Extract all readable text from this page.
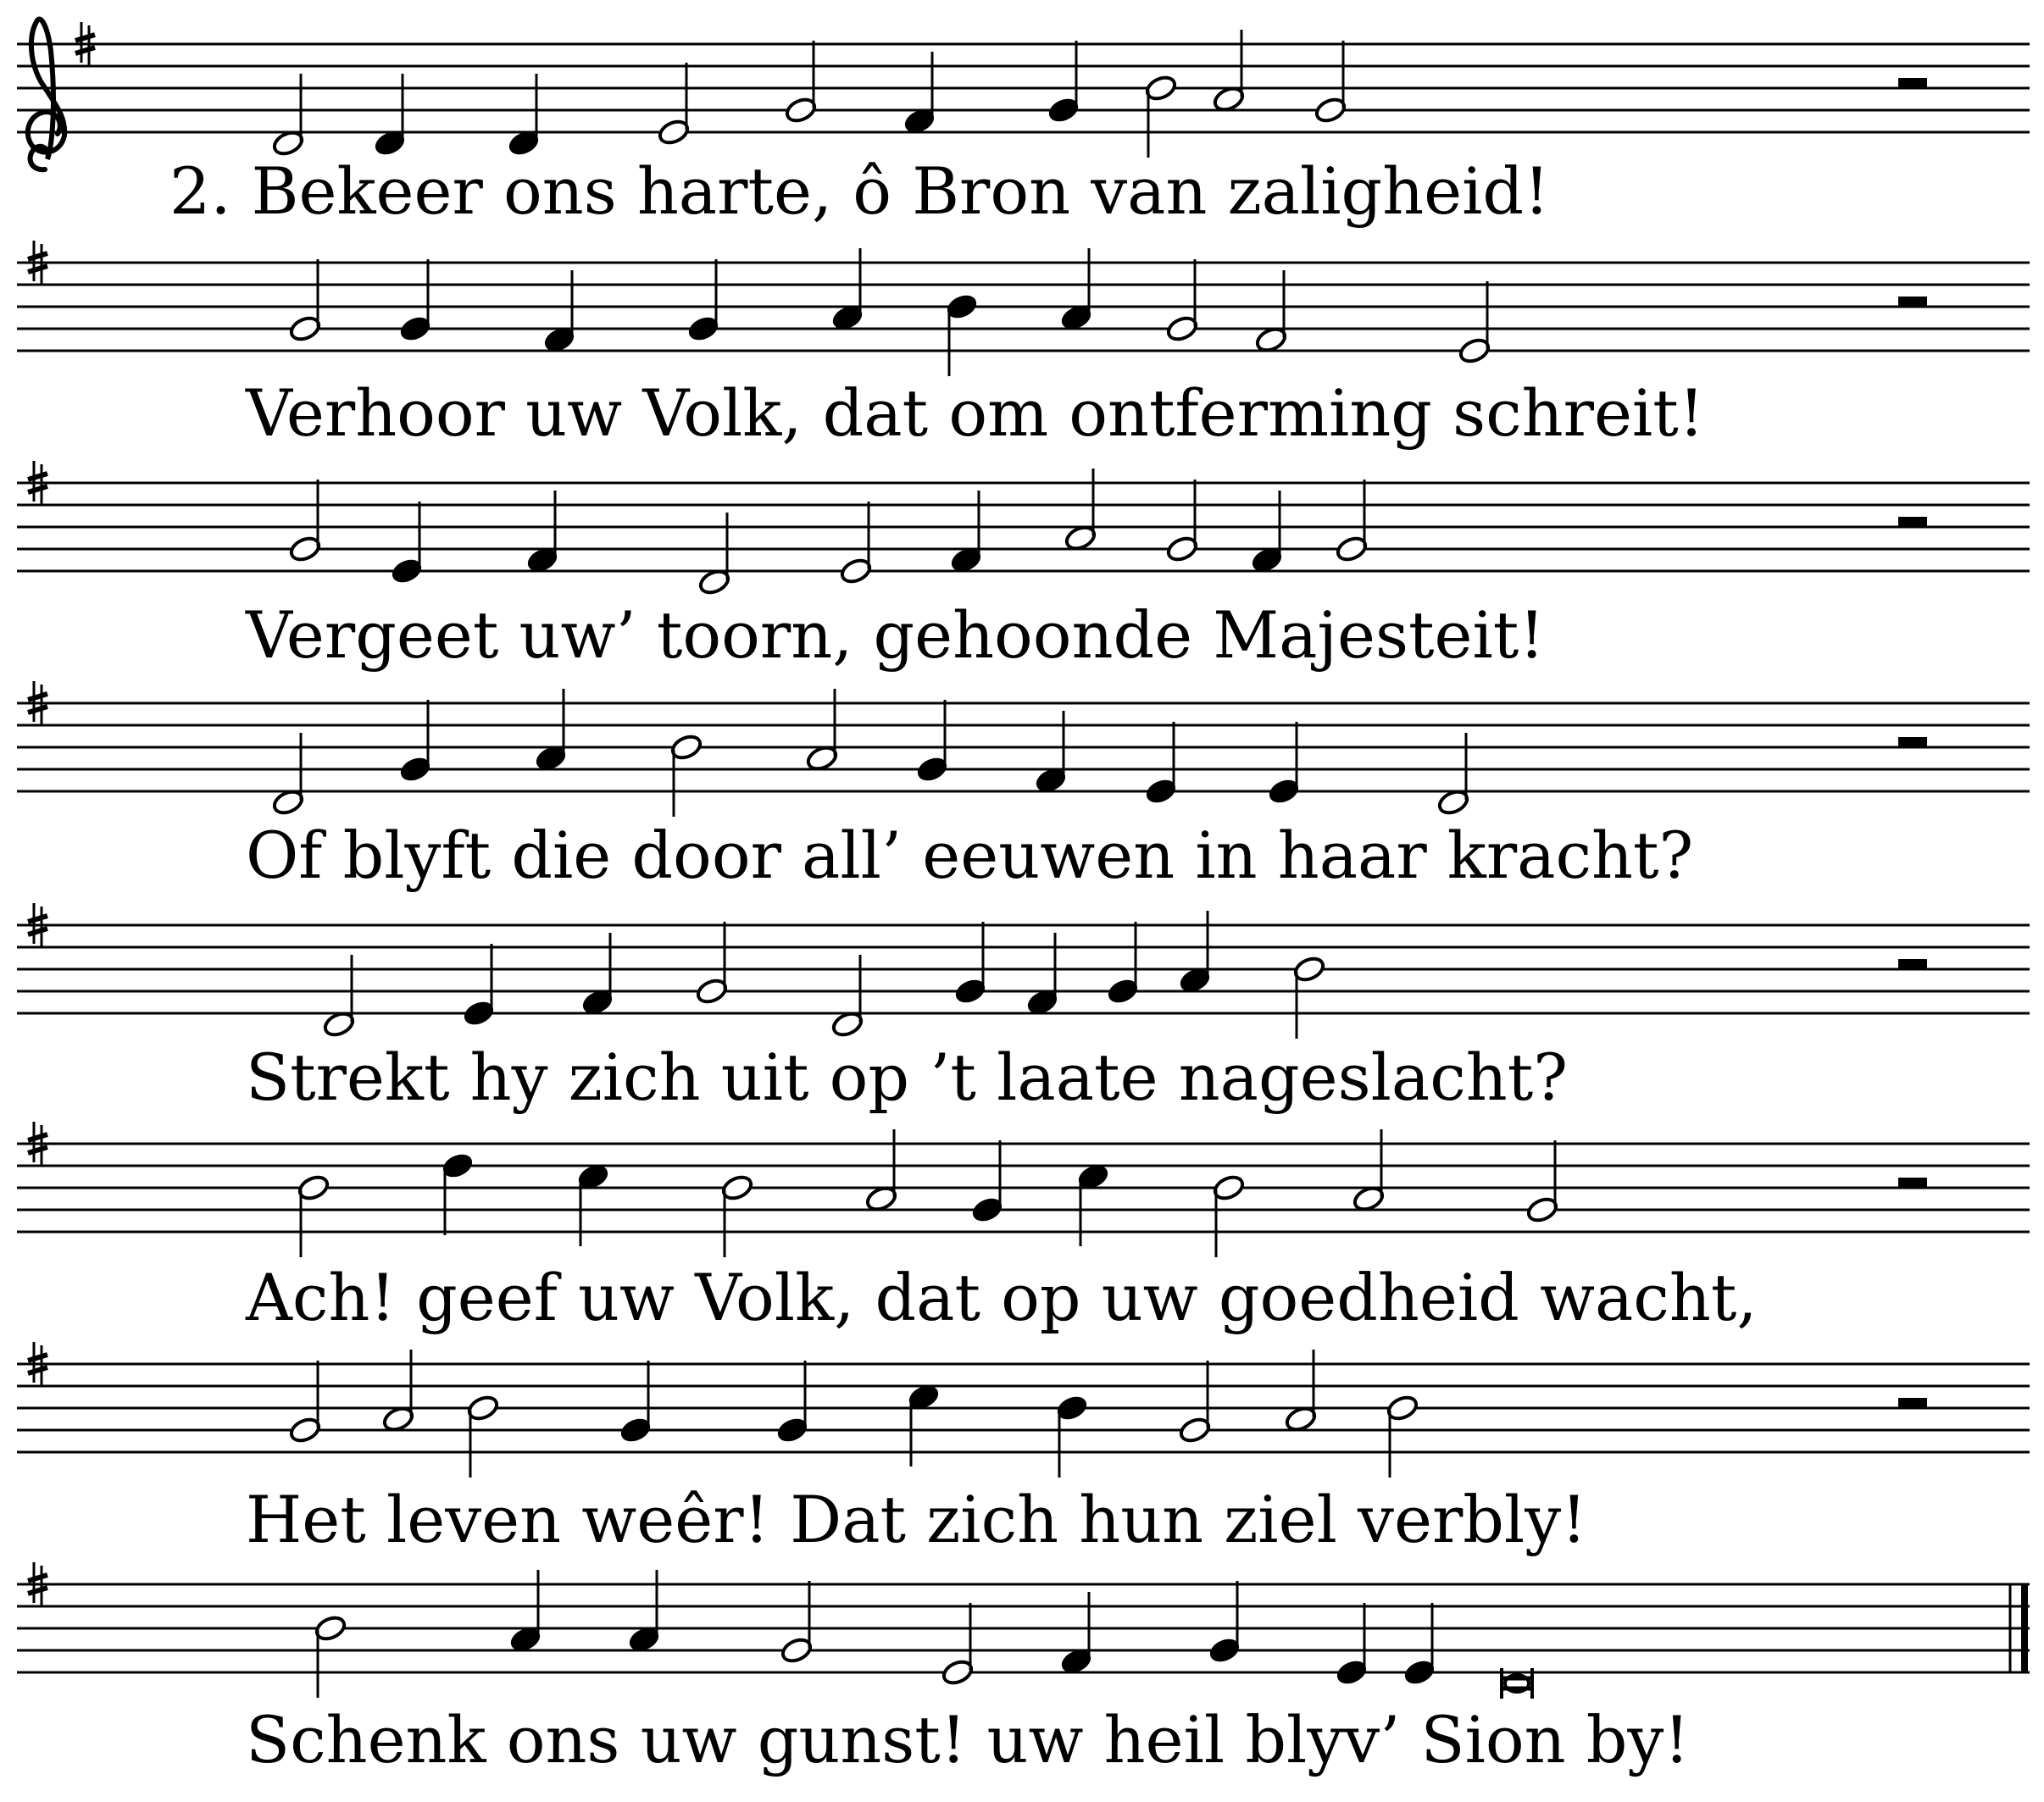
2. Bekeer ons harte, ô Bron van zaligheid!
Verhoor uw Volk, dat om ontferming schreit!
Vergeet uw’ toorn, gehoonde Majesteit!
Of blyft die door all’ eeuwen in haar kracht?
Strekt hy zich uit op ’t laate nageslacht?
Ach! geef uw Volk, dat op uw goedheid wacht,
Het leven weêr! Dat zich hun ziel verbly!
Schenk ons uw gunst! uw heil blyv’ Sion by!
